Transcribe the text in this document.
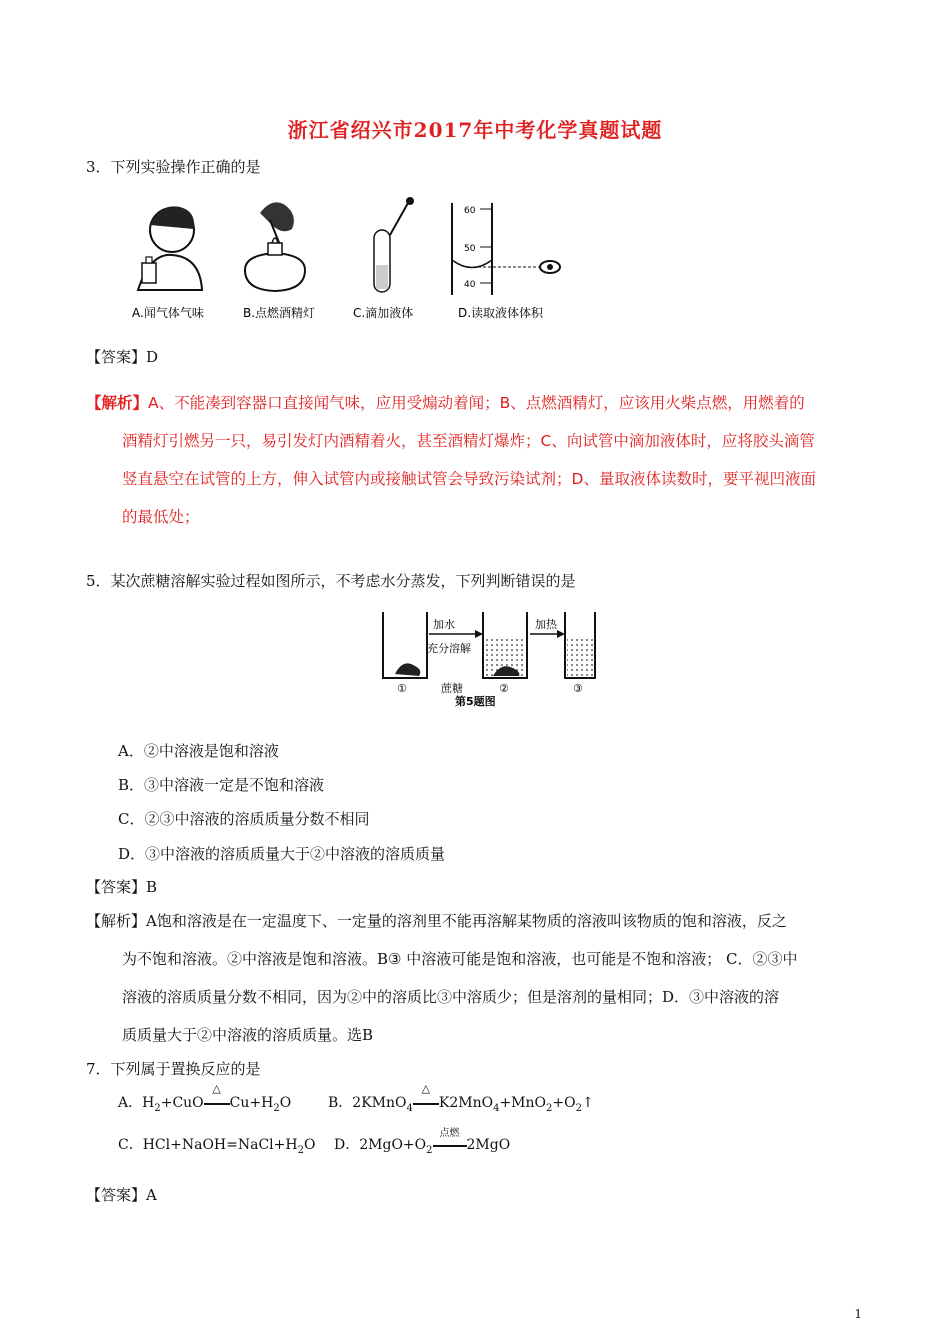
浙江省绍兴市2017年中考化学真题试题
3．下列实验操作正确的是
A.闻气体气味	B.点燃酒精灯	C.滴加液体
60
50
40
D.读取液体体积
【答案】D
【解析】A、不能凑到容器口直接闻气味，应用受煽动着闻；B、点燃酒精灯，应该用火柴点燃，用燃着的
酒精灯引燃另一只，易引发灯内酒精着火，甚至酒精灯爆炸；C、向试管中滴加液体时，应将胶头滴管
竖直悬空在试管的上方，伸入试管内或接触试管会导致污染试剂；D、量取液体读数时，要平视凹液面
的最低处；
5．某次蔗糖溶解实验过程如图所示，不考虑水分蒸发，下列判断错误的是
加水
充分溶解
加热
①	②	③
蔗糖
第5题图
A．②中溶液是饱和溶液
B．③中溶液一定是不饱和溶液
C．②③中溶液的溶质质量分数不相同
D．③中溶液的溶质质量大于②中溶液的溶质质量
【答案】B
【解析】A饱和溶液是在一定温度下、一定量的溶剂里不能再溶解某物质的溶液叫该物质的饱和溶液，反之
为不饱和溶液。②中溶液是饱和溶液。B③ 中溶液可能是饱和溶液，也可能是不饱和溶液； C．②③中
溶液的溶质质量分数不相同，因为②中的溶质比③中溶质少；但是溶剂的量相同；D．③中溶液的溶
质质量大于②中溶液的溶质质量。选B
7．下列属于置换反应的是
A．$H_2+CuO$
△
$Cu+H_2O$	B．2KMnO$_4$
△
$K2MnO_4+MnO_2+O_2↑$
C．$HCl+NaOH=NaCl+H_2O$ D．$2MgO+O_2$
点燃
2MgO
【答案】A
1
